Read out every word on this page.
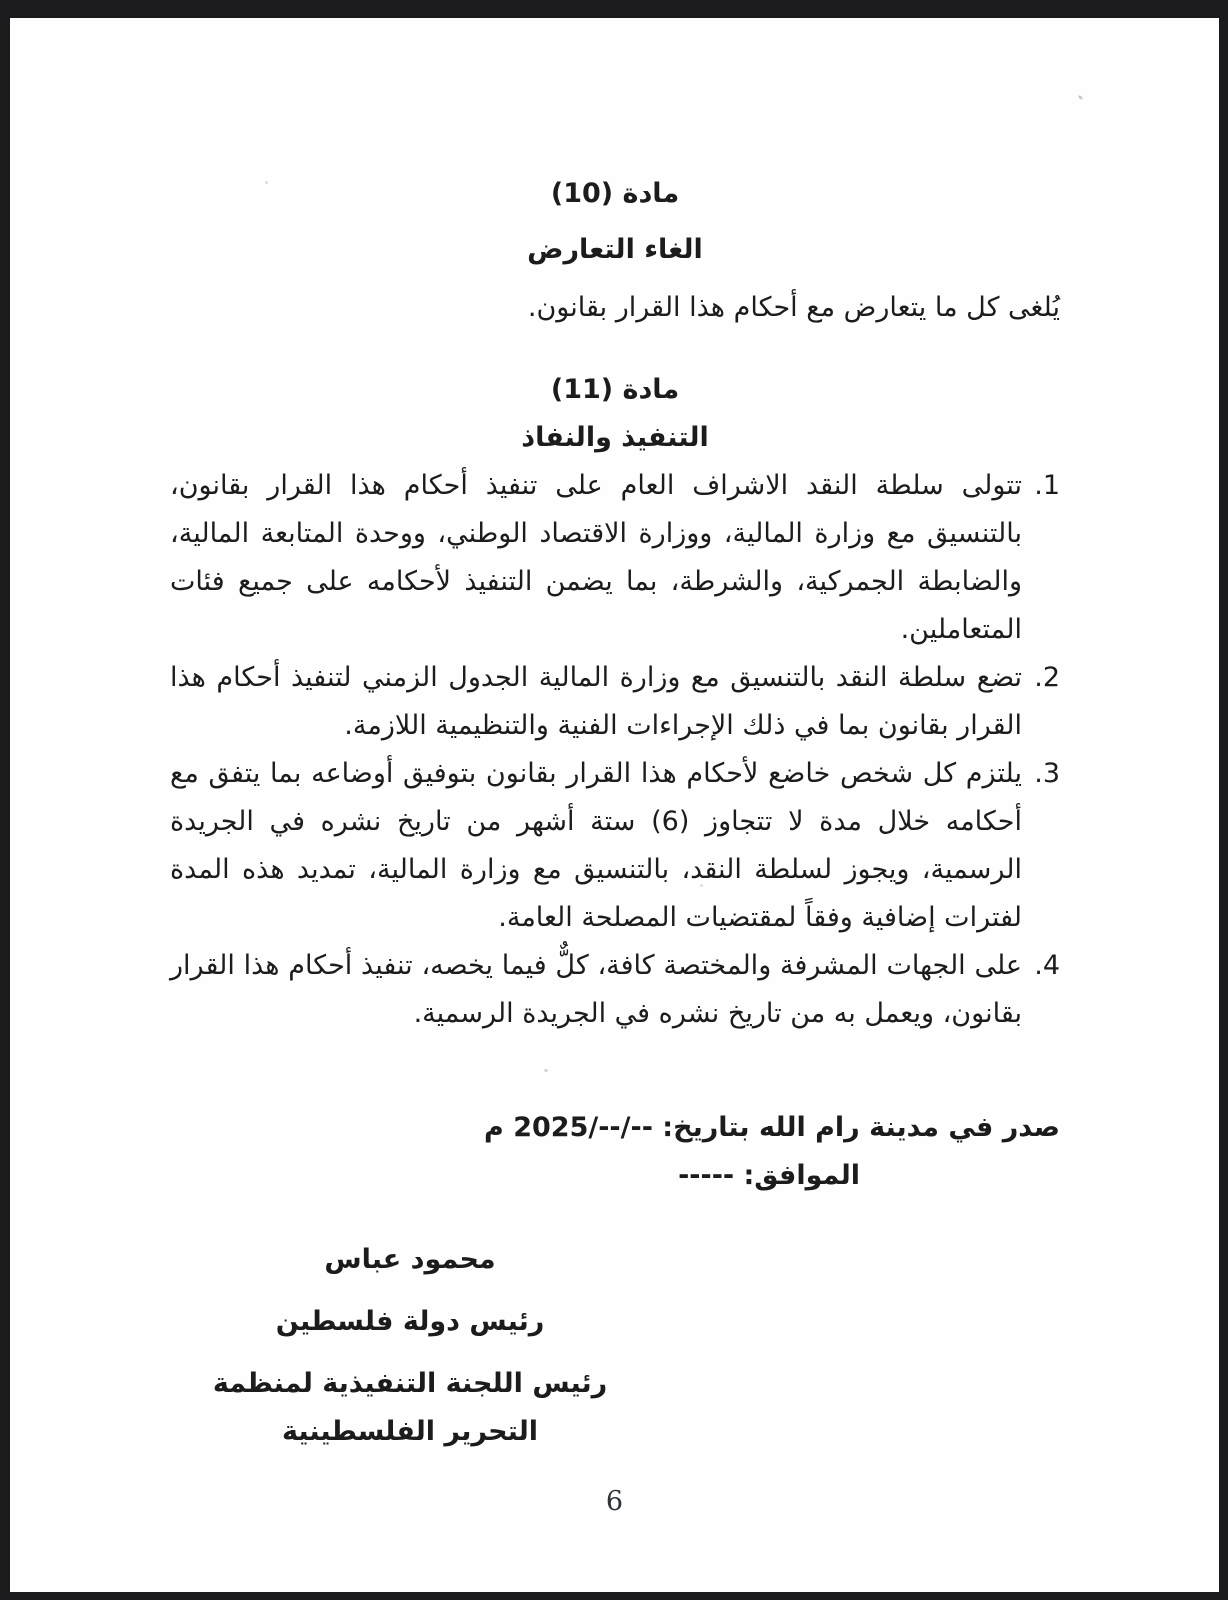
مادة (10)
الغاء التعارض
يُلغى كل ما يتعارض مع أحكام هذا القرار بقانون.
مادة (11)
التنفيذ والنفاذ
1.
تتولى سلطة النقد الاشراف العام على تنفيذ أحكام هذا القرار بقانون، بالتنسيق مع وزارة المالية، ووزارة الاقتصاد الوطني، ووحدة المتابعة المالية، والضابطة الجمركية، والشرطة، بما يضمن التنفيذ لأحكامه على جميع فئات المتعاملين.
2.
تضع سلطة النقد بالتنسيق مع وزارة المالية الجدول الزمني لتنفيذ أحكام هذا القرار بقانون بما في ذلك الإجراءات الفنية والتنظيمية اللازمة.
3.
يلتزم كل شخص خاضع لأحكام هذا القرار بقانون بتوفيق أوضاعه بما يتفق مع أحكامه خلال مدة لا تتجاوز (6) ستة أشهر من تاريخ نشره في الجريدة الرسمية، ويجوز لسلطة النقد، بالتنسيق مع وزارة المالية، تمديد هذه المدة لفترات إضافية وفقاً لمقتضيات المصلحة العامة.
4.
على الجهات المشرفة والمختصة كافة، كلٌّ فيما يخصه، تنفيذ أحكام هذا القرار بقانون، ويعمل به من تاريخ نشره في الجريدة الرسمية.
صدر في مدينة رام الله بتاريخ: --/--/2025 م
الموافق: -----
محمود عباس
رئيس دولة فلسطين
رئيس اللجنة التنفيذية لمنظمة التحرير الفلسطينية
6
